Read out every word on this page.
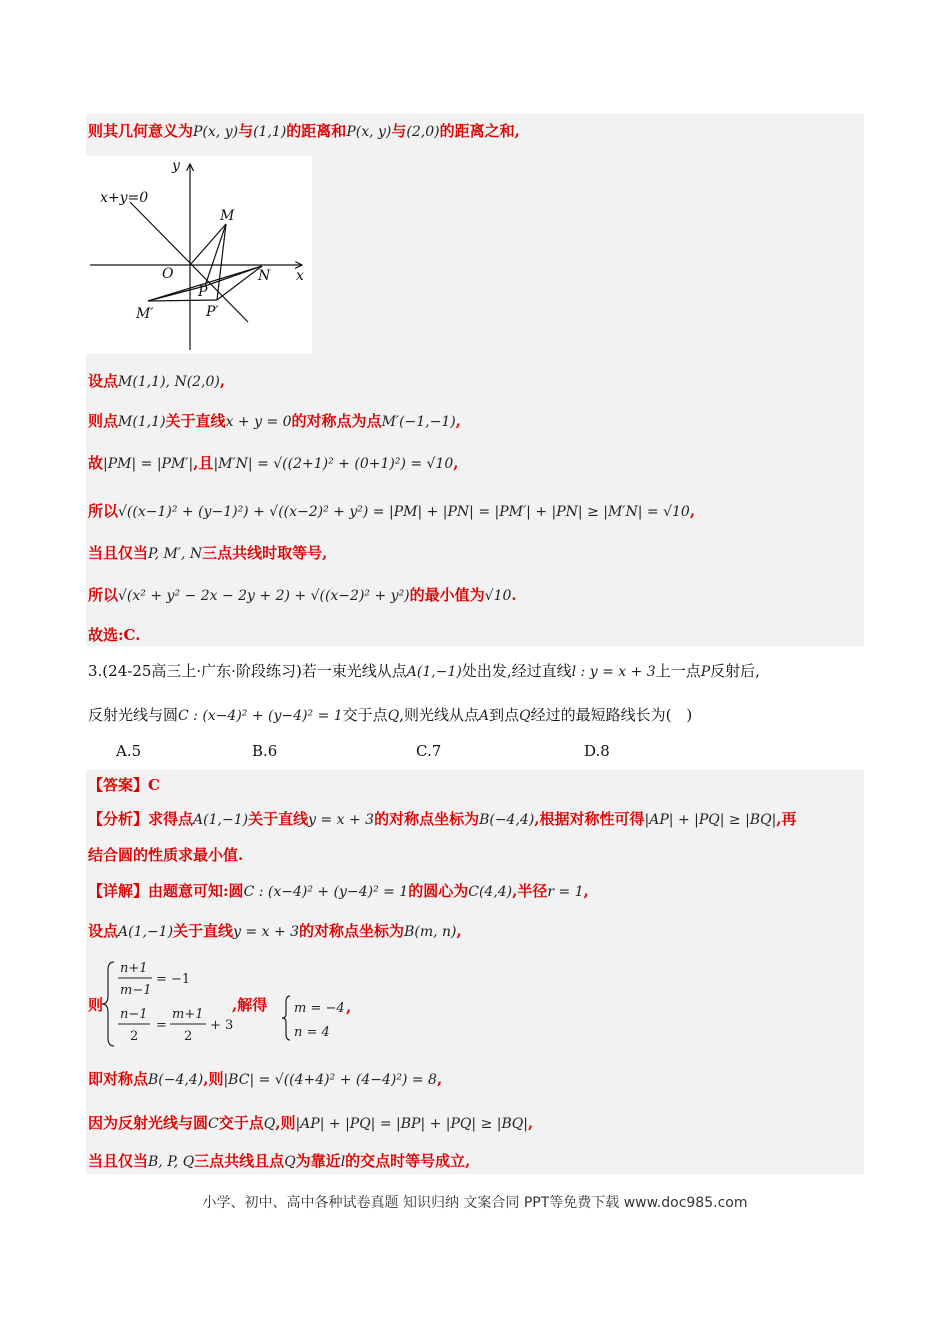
则其几何意义为P(x, y)与(1,1)的距离和P(x, y)与(2,0)的距离之和,
x+y=0
y
x
O
M
N
P
M′	P′
设点M(1,1), N(2,0),
则点M(1,1)关于直线x + y = 0的对称点为点M′(−1,−1),
故|PM| = |PM′|,且|M′N| = √((2+1)² + (0+1)²) = √10,
所以√((x−1)² + (y−1)²) + √((x−2)² + y²) = |PM| + |PN| = |PM′| + |PN| ≥ |M′N| = √10,
当且仅当P, M′, N三点共线时取等号,
所以√(x² + y² − 2x − 2y + 2) + √((x−2)² + y²)的最小值为√10.
故选:C.
3.(24-25高三上·广东·阶段练习)若一束光线从点A(1,−1)处出发,经过直线l : y = x + 3上一点P反射后,
反射光线与圆C : (x−4)² + (y−4)² = 1交于点Q,则光线从点A到点Q经过的最短路线长为(　)
A.5	B.6	C.7	D.8
【答案】C
【分析】求得点A(1,−1)关于直线y = x + 3的对称点坐标为B(−4,4),根据对称性可得|AP| + |PQ| ≥ |BQ|,再
结合圆的性质求最小值.
【详解】由题意可知:圆C : (x−4)² + (y−4)² = 1的圆心为C(4,4),半径r = 1,
设点A(1,−1)关于直线y = x + 3的对称点坐标为B(m, n),
则
n+1
m−1
= −1
n−1
2
=
m+1
2
+ 3
,解得 m = −4
n = 4
,
即对称点B(−4,4),则|BC| = √((4+4)² + (4−4)²) = 8,
因为反射光线与圆C交于点Q,则|AP| + |PQ| = |BP| + |PQ| ≥ |BQ|,
当且仅当B, P, Q三点共线且点Q为靠近l的交点时等号成立,
小学、初中、高中各种试卷真题 知识归纳 文案合同 PPT等免费下载 www.doc985.com
